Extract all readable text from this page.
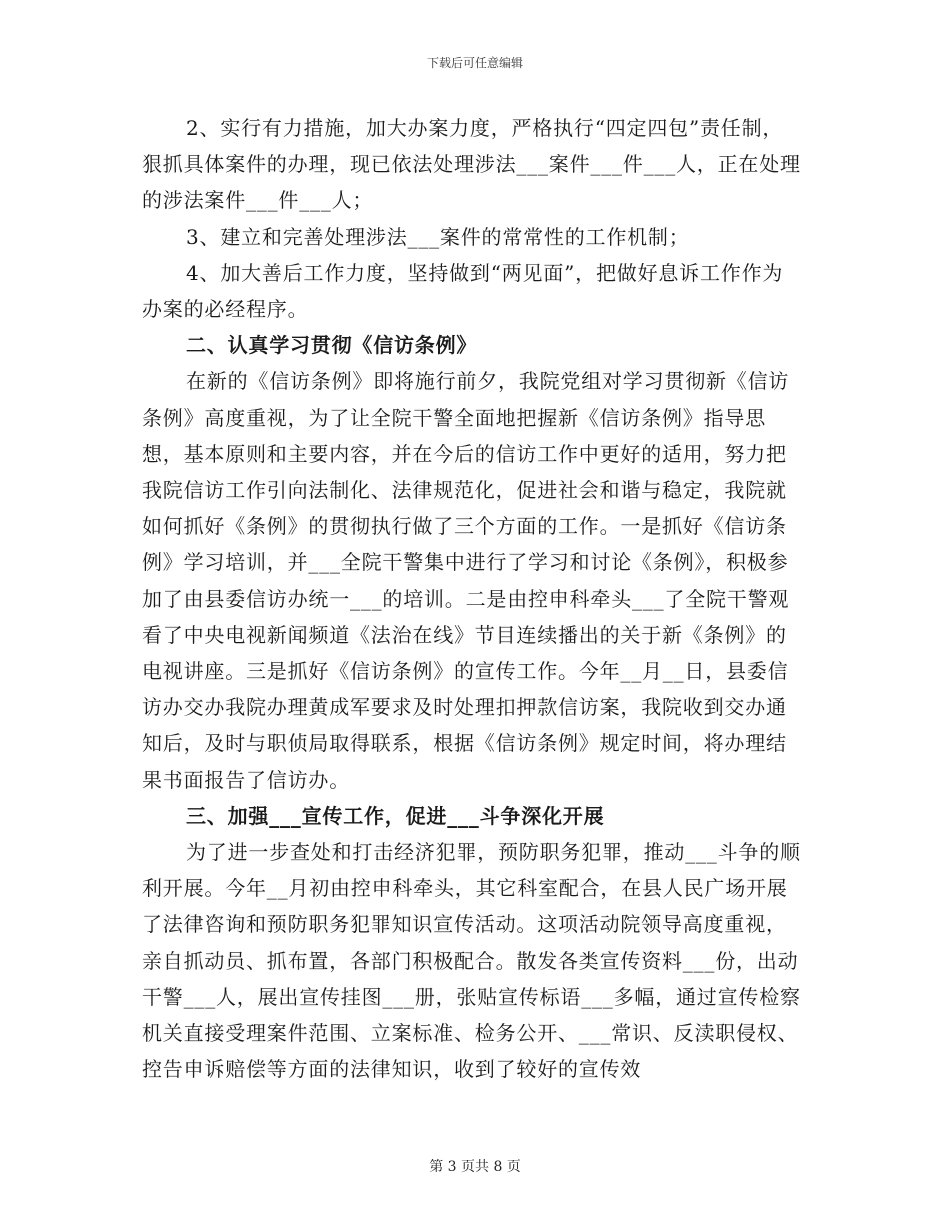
下载后可任意编辑

2、实行有力措施，加大办案力度，严格执行“四定四包”责任制，狠抓具体案件的办理，现已依法处理涉法___案件___件___人，正在处理的涉法案件___件___人；

3、建立和完善处理涉法___案件的常常性的工作机制；

4、加大善后工作力度，坚持做到“两见面”，把做好息诉工作作为办案的必经程序。

二、认真学习贯彻《信访条例》

在新的《信访条例》即将施行前夕，我院党组对学习贯彻新《信访条例》高度重视，为了让全院干警全面地把握新《信访条例》指导思想，基本原则和主要内容，并在今后的信访工作中更好的适用，努力把我院信访工作引向法制化、法律规范化，促进社会和谐与稳定，我院就如何抓好《条例》的贯彻执行做了三个方面的工作。一是抓好《信访条例》学习培训，并___全院干警集中进行了学习和讨论《条例》，积极参加了由县委信访办统一___的培训。二是由控申科牵头___了全院干警观看了中央电视新闻频道《法治在线》节目连续播出的关于新《条例》的电视讲座。三是抓好《信访条例》的宣传工作。今年__月__日，县委信访办交办我院办理黄成军要求及时处理扣押款信访案，我院收到交办通知后，及时与职侦局取得联系，根据《信访条例》规定时间，将办理结果书面报告了信访办。

三、加强___宣传工作，促进___斗争深化开展

为了进一步查处和打击经济犯罪，预防职务犯罪，推动___斗争的顺利开展。今年__月初由控申科牵头，其它科室配合，在县人民广场开展了法律咨询和预防职务犯罪知识宣传活动。这项活动院领导高度重视，亲自抓动员、抓布置，各部门积极配合。散发各类宣传资料___份，出动干警___人，展出宣传挂图___册，张贴宣传标语___多幅，通过宣传检察机关直接受理案件范围、立案标准、检务公开、___常识、反渎职侵权、控告申诉赔偿等方面的法律知识，收到了较好的宣传效

第 3 页共 8 页
